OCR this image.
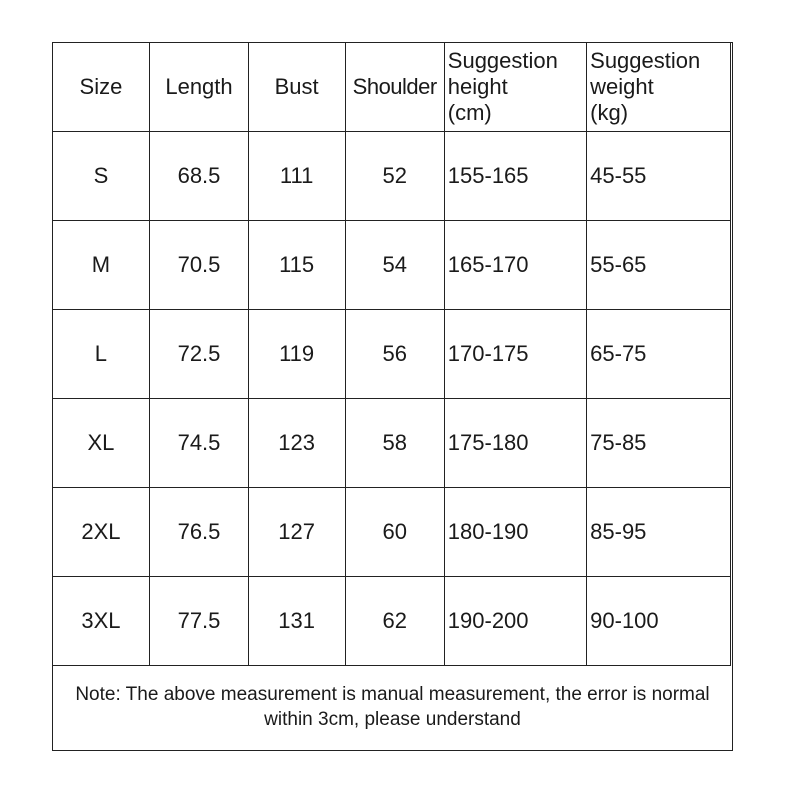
Size	Length	Bust	Shoulder	Suggestion
height
(cm)	Suggestion
weight
(kg)

S	68.5	111	52	155-165	45-55
M	70.5	115	54	165-170	55-65
L	72.5	119	56	170-175	65-75
XL	74.5	123	58	175-180	75-85
2XL	76.5	127	60	180-190	85-95
3XL	77.5	131	62	190-200	90-100
Note: The above measurement is manual measurement, the error is normal within 3cm, please understand
